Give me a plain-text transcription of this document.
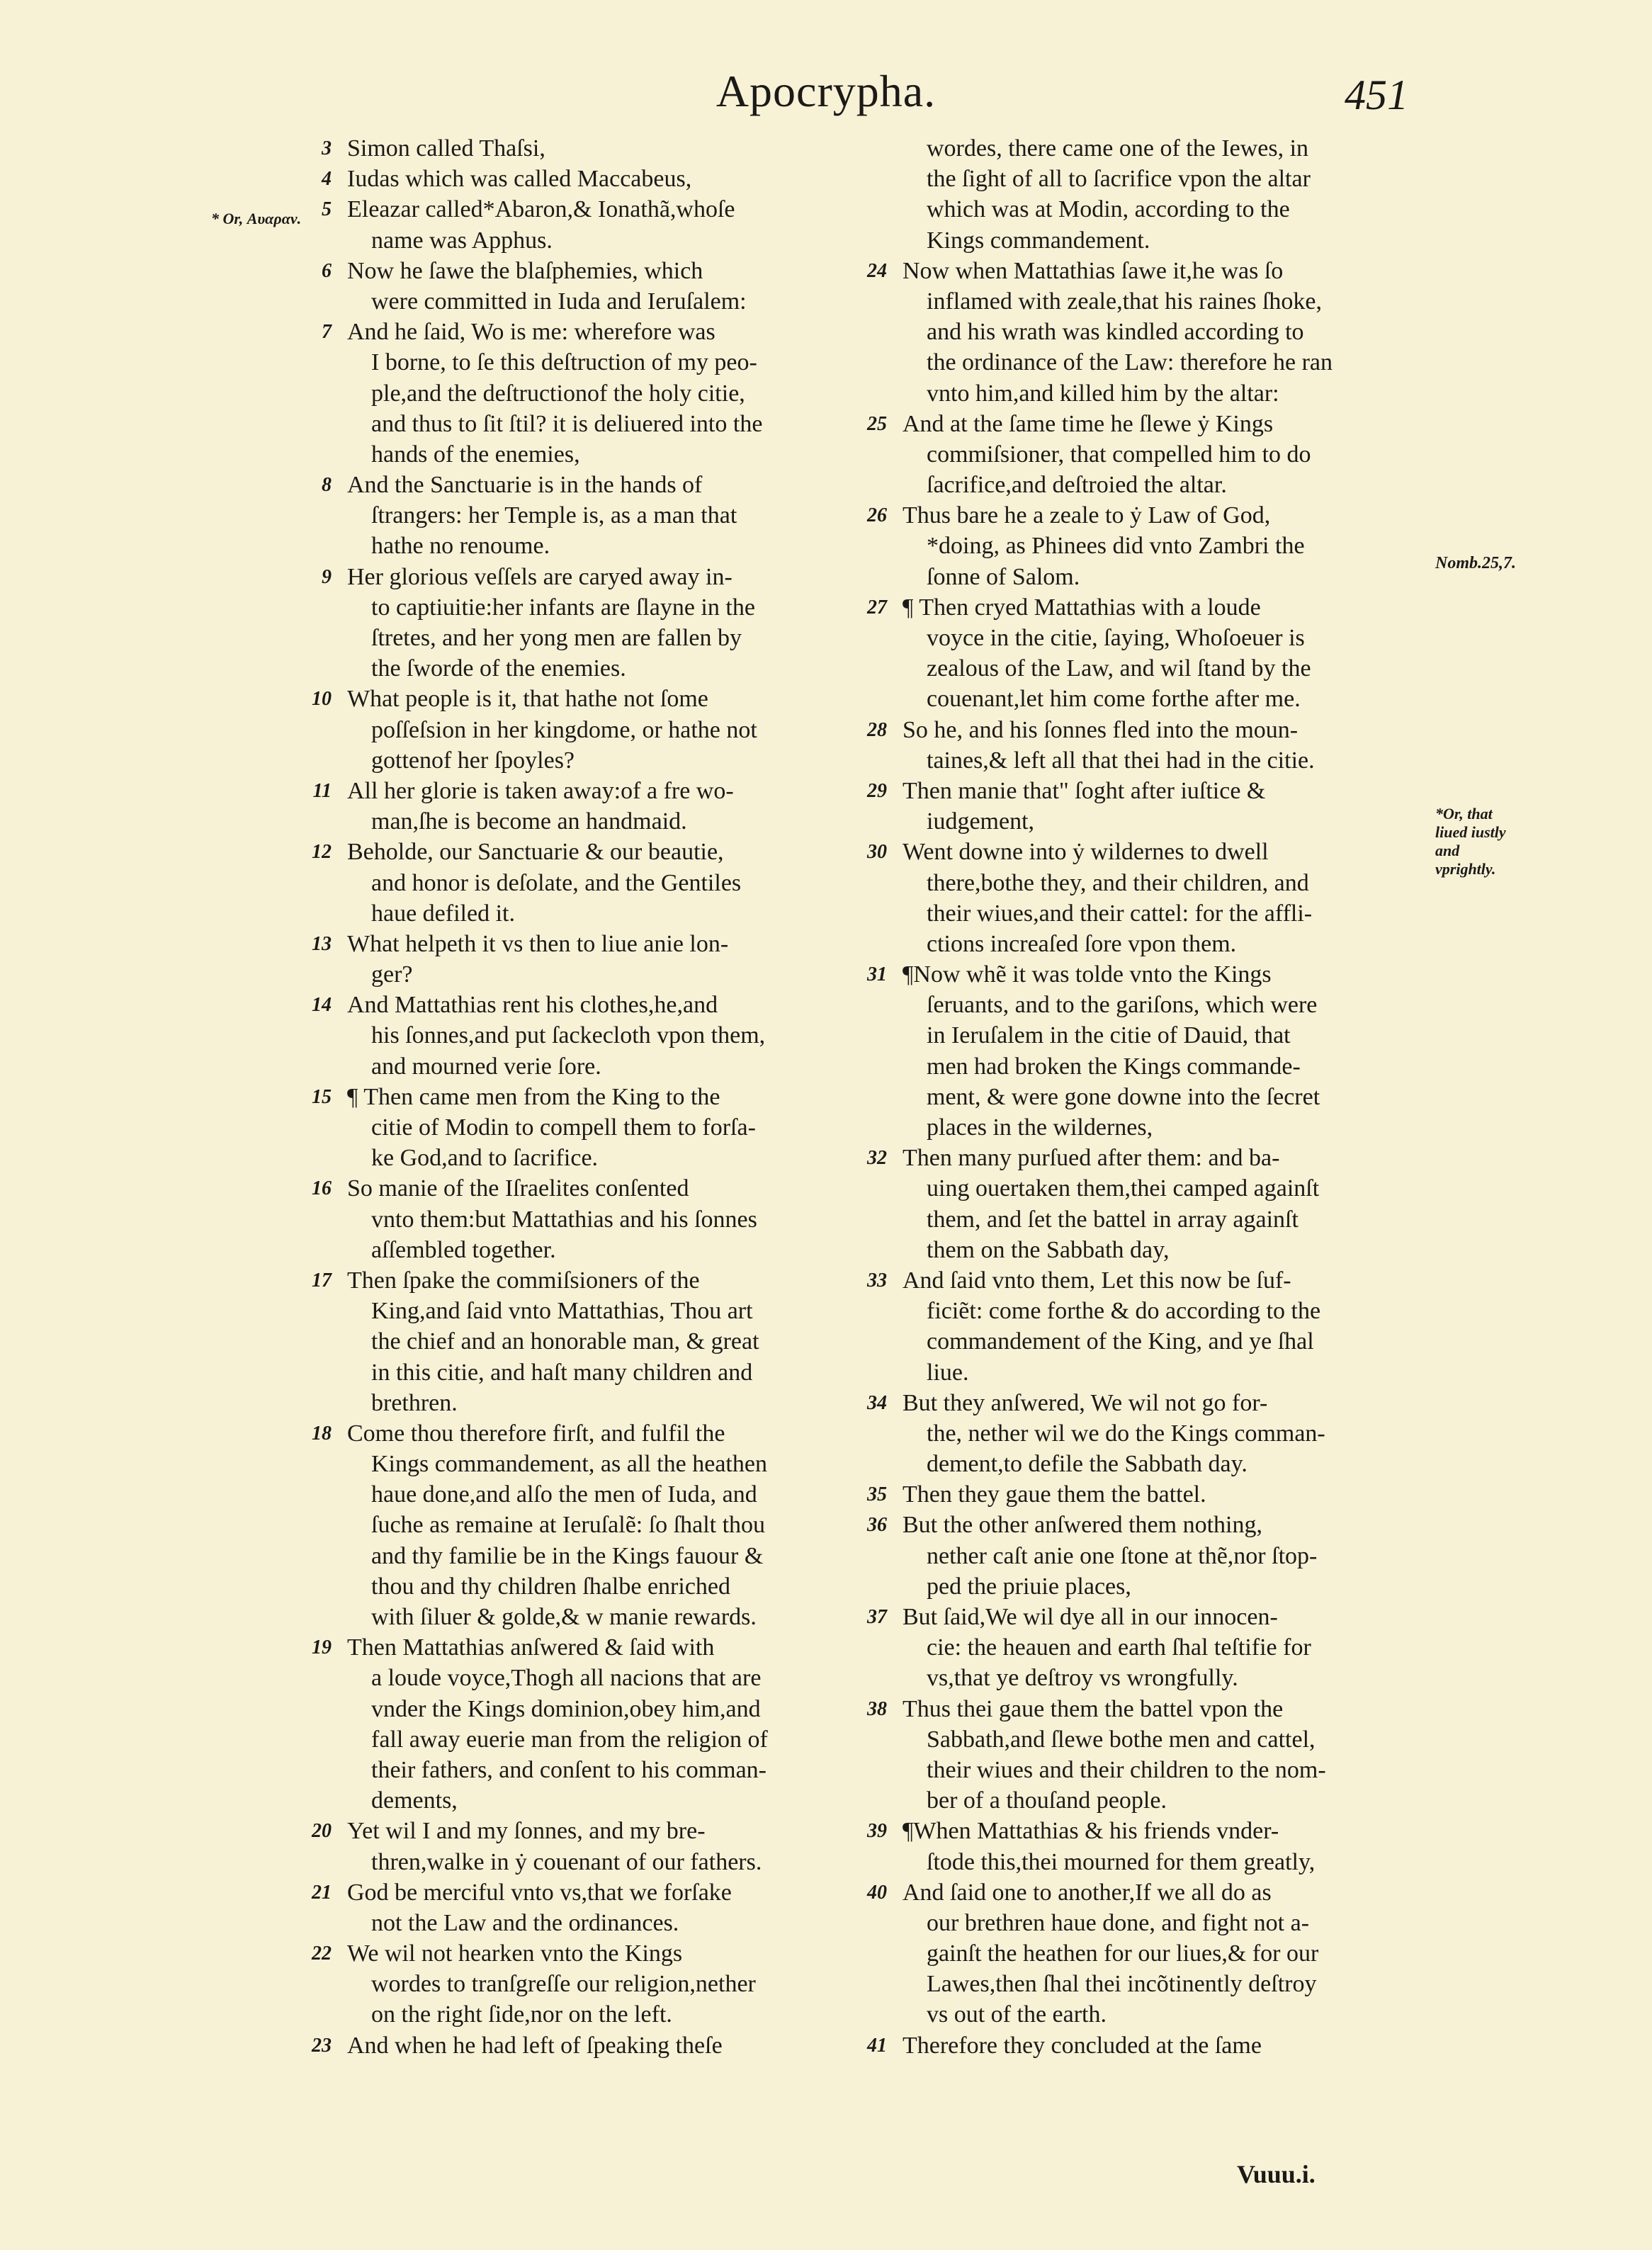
Apocrypha.	451
* Or, Αυαραν.
Nomb.25,7.
*Or, that liued iustly and vprightly.
3 Simon called Thaſsi,
4 Iudas which was called Maccabeus,
5 Eleazar called*Abaron,& Ionathã,whoſe
name was Apphus.
6 Now he ſawe the blaſphemies, which
were committed in Iuda and Ieruſalem:
7 And he ſaid, Wo is me: wherefore was
I borne, to ſe this deſtruction of my peo-
ple,and the deſtructionof the holy citie,
and thus to ſit ſtil? it is deliuered into the
hands of the enemies,
8 And the Sanctuarie is in the hands of
ſtrangers: her Temple is, as a man that
hathe no renoume.
9 Her glorious veſſels are caryed away in-
to captiuitie:her infants are ſlayne in the
ſtretes, and her yong men are fallen by
the ſworde of the enemies.
10 What people is it, that hathe not ſome
poſſeſsion in her kingdome, or hathe not
gottenof her ſpoyles?
11 All her glorie is taken away:of a fre wo-
man,ſhe is become an handmaid.
12 Beholde, our Sanctuarie & our beautie,
and honor is deſolate, and the Gentiles
haue defiled it.
13 What helpeth it vs then to liue anie lon-
ger?
14 And Mattathias rent his clothes,he,and
his ſonnes,and put ſackecloth vpon them,
and mourned verie ſore.
15 ¶ Then came men from the King to the
citie of Modin to compell them to forſa-
ke God,and to ſacrifice.
16 So manie of the Iſraelites conſented
vnto them:but Mattathias and his ſonnes
aſſembled together.
17 Then ſpake the commiſsioners of the
King,and ſaid vnto Mattathias, Thou art
the chief and an honorable man, & great
in this citie, and haſt many children and
brethren.
18 Come thou therefore firſt, and fulfil the
Kings commandement, as all the heathen
haue done,and alſo the men of Iuda, and
ſuche as remaine at Ieruſalẽ: ſo ſhalt thou
and thy familie be in the Kings fauour &
thou and thy children ſhalbe enriched
with ſiluer & golde,& w manie rewards.
19 Then Mattathias anſwered & ſaid with
a loude voyce,Thogh all nacions that are
vnder the Kings dominion,obey him,and
fall away euerie man from the religion of
their fathers, and conſent to his comman-
dements,
20 Yet wil I and my ſonnes, and my bre-
thren,walke in ẏ couenant of our fathers.
21 God be merciful vnto vs,that we forſake
not the Law and the ordinances.
22 We wil not hearken vnto the Kings
wordes to tranſgreſſe our religion,nether
on the right ſide,nor on the left.
23 And when he had left of ſpeaking theſe
wordes, there came one of the Iewes, in
the ſight of all to ſacrifice vpon the altar
which was at Modin, according to the
Kings commandement.
24 Now when Mattathias ſawe it,he was ſo
inflamed with zeale,that his raines ſhoke,
and his wrath was kindled according to
the ordinance of the Law: therefore he ran
vnto him,and killed him by the altar:
25 And at the ſame time he ſlewe ẏ Kings
commiſsioner, that compelled him to do
ſacrifice,and deſtroied the altar.
26 Thus bare he a zeale to ẏ Law of God,
*doing, as Phinees did vnto Zambri the
ſonne of Salom.
27 ¶ Then cryed Mattathias with a loude
voyce in the citie, ſaying, Whoſoeuer is
zealous of the Law, and wil ſtand by the
couenant,let him come forthe after me.
28 So he, and his ſonnes fled into the moun-
taines,& left all that thei had in the citie.
29 Then manie that" ſoght after iuſtice &
iudgement,
30 Went downe into ẏ wildernes to dwell
there,bothe they, and their children, and
their wiues,and their cattel: for the affli-
ctions increaſed ſore vpon them.
31 ¶Now whẽ it was tolde vnto the Kings
ſeruants, and to the gariſons, which were
in Ieruſalem in the citie of Dauid, that
men had broken the Kings commande-
ment, & were gone downe into the ſecret
places in the wildernes,
32 Then many purſued after them: and ba-
uing ouertaken them,thei camped againſt
them, and ſet the battel in array againſt
them on the Sabbath day,
33 And ſaid vnto them, Let this now be ſuf-
ficiẽt: come forthe & do according to the
commandement of the King, and ye ſhal
liue.
34 But they anſwered, We wil not go for-
the, nether wil we do the Kings comman-
dement,to defile the Sabbath day.
35 Then they gaue them the battel.
36 But the other anſwered them nothing,
nether caſt anie one ſtone at thẽ,nor ſtop-
ped the priuie places,
37 But ſaid,We wil dye all in our innocen-
cie: the heauen and earth ſhal teſtifie for
vs,that ye deſtroy vs wrongfully.
38 Thus thei gaue them the battel vpon the
Sabbath,and ſlewe bothe men and cattel,
their wiues and their children to the nom-
ber of a thouſand people.
39 ¶When Mattathias & his friends vnder-
ſtode this,thei mourned for them greatly,
40 And ſaid one to another,If we all do as
our brethren haue done, and fight not a-
gainſt the heathen for our liues,& for our
Lawes,then ſhal thei incõtinently deſtroy
vs out of the earth.
41 Therefore they concluded at the ſame
Vuuu.i.
